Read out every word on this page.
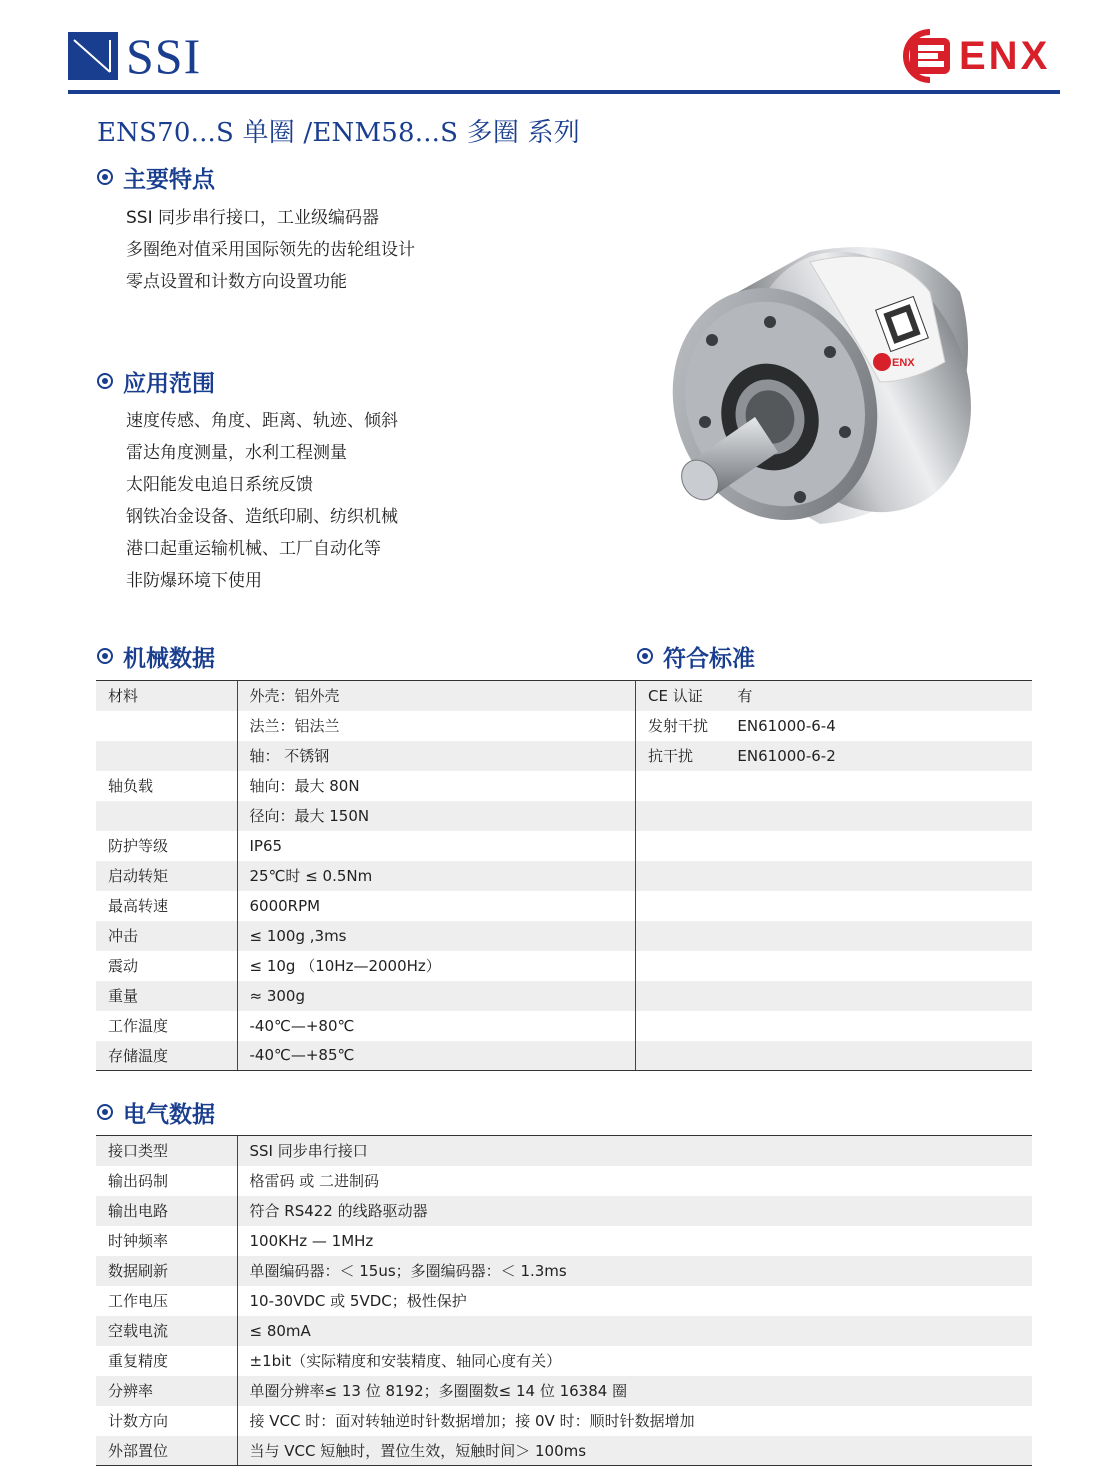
SSI	ENX
ENS70...S 单圈 /ENM58...S 多圈 系列
主要特点
SSI 同步串行接口，工业级编码器
多圈绝对值采用国际领先的齿轮组设计
零点设置和计数方向设置功能
应用范围
速度传感、角度、距离、轨迹、倾斜
雷达角度测量，水利工程测量
太阳能发电追日系统反馈
钢铁冶金设备、造纸印刷、纺织机械
港口起重运输机械、工厂自动化等
非防爆环境下使用
ENX
机械数据	符合标准
材料	外壳：铝外壳
	法兰：铝法兰
	轴： 不锈钢
轴负载	轴向：最大 80N
	径向：最大 150N
防护等级	IP65
启动转矩	25℃时 ≤ 0.5Nm
最高转速	6000RPM
冲击	≤ 100g ,3ms
震动	≤ 10g （10Hz—2000Hz）
重量	≈ 300g
工作温度	-40℃—+80℃
存储温度	-40℃—+85℃
CE 认证	有
发射干扰	EN61000-6-4
抗干扰	EN61000-6-2

电气数据
接口类型	SSI 同步串行接口
输出码制	格雷码 或 二进制码
输出电路	符合 RS422 的线路驱动器
时钟频率	100KHz — 1MHz
数据刷新	单圈编码器：＜ 15us；多圈编码器：＜ 1.3ms
工作电压	10-30VDC 或 5VDC；极性保护
空载电流	≤ 80mA
重复精度	±1bit（实际精度和安装精度、轴同心度有关）
分辨率	单圈分辨率≤ 13 位 8192；多圈圈数≤ 14 位 16384 圈
计数方向	接 VCC 时：面对转轴逆时针数据增加；接 0V 时：顺时针数据增加
外部置位	当与 VCC 短触时，置位生效，短触时间＞ 100ms
